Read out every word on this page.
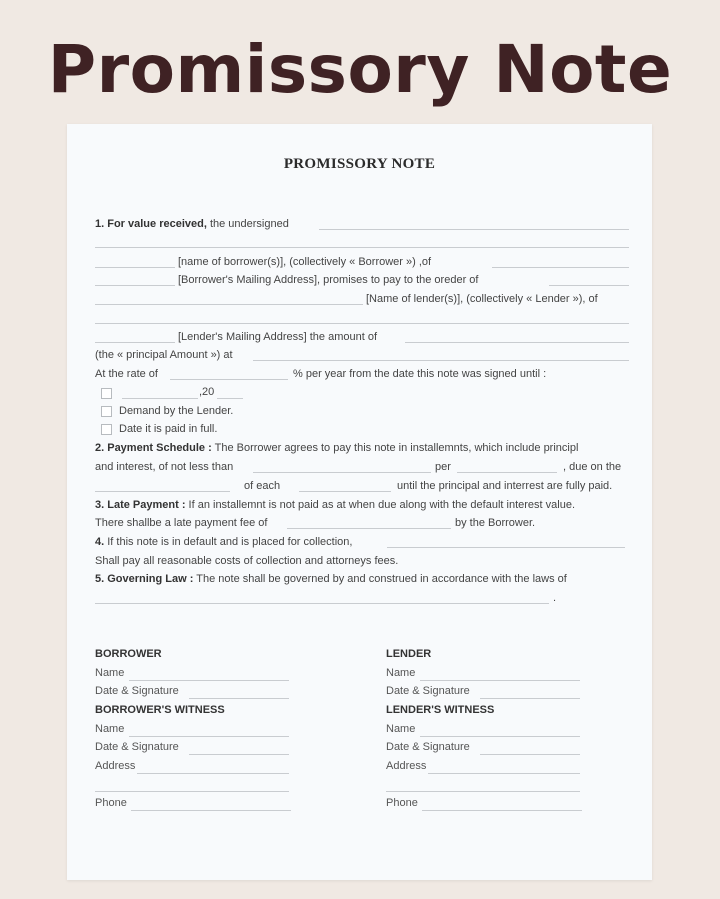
Promissory Note
PROMISSORY NOTE
1. For value received, the undersigned
[name of borrower(s)], (collectively « Borrower ») ,of
[Borrower's Mailing Address], promises to pay to the oreder of
[Name of lender(s)], (collectively « Lender »), of
[Lender's Mailing Address] the amount of
(the « principal Amount ») at
At the rate of	% per year from the date this note was signed until :
,20
Demand by the Lender.
Date it is paid in full.
2. Payment Schedule : The Borrower agrees to pay this note in installemnts, which include principl
and interest, of not less than	per	, due on the
of each	until the principal and interrest are fully paid.
3. Late Payment : If an installemnt is not paid as at when due along with the default interest value.
There shallbe a late payment fee of	by the Borrower.
4. If this note is in default and is placed for collection,
Shall pay all reasonable costs of collection and attorneys fees.
5. Governing Law : The note shall be governed by and construed in accordance with the laws of
.
BORROWER
Name
Date & Signature
BORROWER'S WITNESS
Name
Date & Signature
Address
Phone
LENDER
Name
Date & Signature
LENDER'S WITNESS
Name
Date & Signature
Address
Phone
